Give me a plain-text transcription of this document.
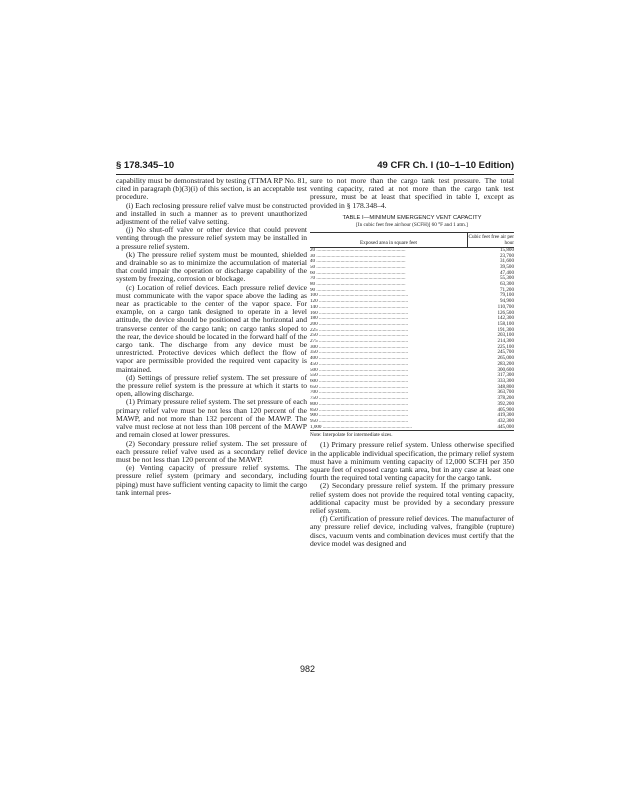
§ 178.345–10	49 CFR Ch. I (10–1–10 Edition)

capability must be demonstrated by testing (TTMA RP No. 81, cited in paragraph (b)(3)(i) of this section, is an acceptable test procedure.

(i) Each reclosing pressure relief valve must be constructed and installed in such a manner as to prevent unauthorized adjustment of the relief valve setting.

(j) No shut-off valve or other device that could prevent venting through the pressure relief system may be installed in a pressure relief system.

(k) The pressure relief system must be mounted, shielded and drainable so as to minimize the accumulation of material that could impair the operation or discharge capability of the system by freezing, corrosion or blockage.

(c) Location of relief devices. Each pressure relief device must communicate with the vapor space above the lading as near as practicable to the center of the vapor space. For example, on a cargo tank designed to operate in a level attitude, the device should be positioned at the horizontal and transverse center of the cargo tank; on cargo tanks sloped to the rear, the device should be located in the forward half of the cargo tank. The discharge from any device must be unrestricted. Protective devices which deflect the flow of vapor are permissible provided the required vent capacity is maintained.

(d) Settings of pressure relief system. The set pressure of the pressure relief system is the pressure at which it starts to open, allowing discharge.

(1) Primary pressure relief system. The set pressure of each primary relief valve must be not less than 120 percent of the MAWP, and not more than 132 percent of the MAWP. The valve must reclose at not less than 108 percent of the MAWP and remain closed at lower pressures.

(2) Secondary pressure relief system. The set pressure of each pressure relief valve used as a secondary relief device must be not less than 120 percent of the MAWP.

(e) Venting capacity of pressure relief systems. The pressure relief system (primary and secondary, including piping) must have sufficient venting capacity to limit the cargo tank internal pres-

sure to not more than the cargo tank test pressure. The total venting capacity, rated at not more than the cargo tank test pressure, must be at least that specified in table I, except as provided in § 178.348–4.

TABLE I—MINIMUM EMERGENCY VENT CAPACITY
[In cubic feet free air/hour (SCFH)] 60 °F and 1 atm.]
Exposed area in square feet	Cubic feet free air per hour
20 ......................................................................	15,800
30 ......................................................................	23,700
40 ......................................................................	31,600
50 ......................................................................	39,500
60 ......................................................................	47,400
70 ......................................................................	55,300
80 ......................................................................	63,300
90 ......................................................................	71,200
100 ......................................................................	79,100
120 ......................................................................	94,900
140 ......................................................................	110,700
160 ......................................................................	126,500
180 ......................................................................	142,300
200 ......................................................................	158,100
225 ......................................................................	191,300
250 ......................................................................	203,100
275 ......................................................................	214,300
300 ......................................................................	225,100
350 ......................................................................	245,700
400 ......................................................................	265,000
450 ......................................................................	283,200
500 ......................................................................	300,600
550 ......................................................................	317,300
600 ......................................................................	333,300
650 ......................................................................	348,800
700 ......................................................................	363,700
750 ......................................................................	378,200
800 ......................................................................	392,200
850 ......................................................................	405,900
900 ......................................................................	419,300
950 ......................................................................	432,300
1,000 ......................................................................	445,000
Note: Interpolate for intermediate sizes.

(1) Primary pressure relief system. Unless otherwise specified in the applicable individual specification, the primary relief system must have a minimum venting capacity of 12,000 SCFH per 350 square feet of exposed cargo tank area, but in any case at least one fourth the required total venting capacity for the cargo tank.

(2) Secondary pressure relief system. If the primary pressure relief system does not provide the required total venting capacity, additional capacity must be provided by a secondary pressure relief system.

(f) Certification of pressure relief devices. The manufacturer of any pressure relief device, including valves, frangible (rupture) discs, vacuum vents and combination devices must certify that the device model was designed and

982
